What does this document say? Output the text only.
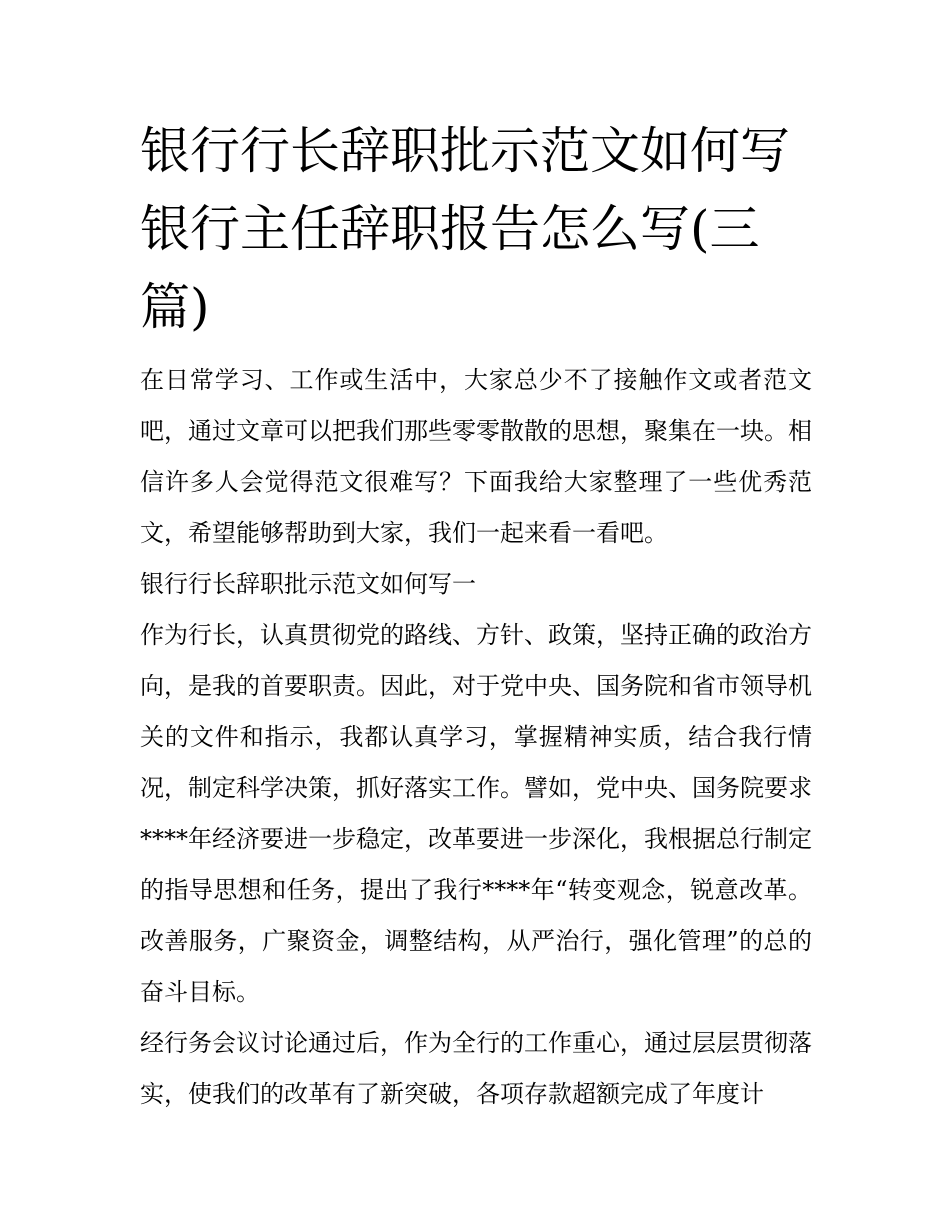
银行行长辞职批示范文如何写银行主任辞职报告怎么写(三篇)

在日常学习、工作或生活中，大家总少不了接触作文或者范文吧，通过文章可以把我们那些零零散散的思想，聚集在一块。相信许多人会觉得范文很难写？下面我给大家整理了一些优秀范文，希望能够帮助到大家，我们一起来看一看吧。

银行行长辞职批示范文如何写一

作为行长，认真贯彻党的路线、方针、政策，坚持正确的政治方向，是我的首要职责。因此，对于党中央、国务院和省市领导机关的文件和指示，我都认真学习，掌握精神实质，结合我行情况，制定科学决策，抓好落实工作。譬如，党中央、国务院要求****年经济要进一步稳定，改革要进一步深化，我根据总行制定的指导思想和任务，提出了我行****年“转变观念，锐意改革。改善服务，广聚资金，调整结构，从严治行，强化管理”的总的奋斗目标。

经行务会议讨论通过后，作为全行的工作重心，通过层层贯彻落实，使我们的改革有了新突破，各项存款超额完成了年度计
